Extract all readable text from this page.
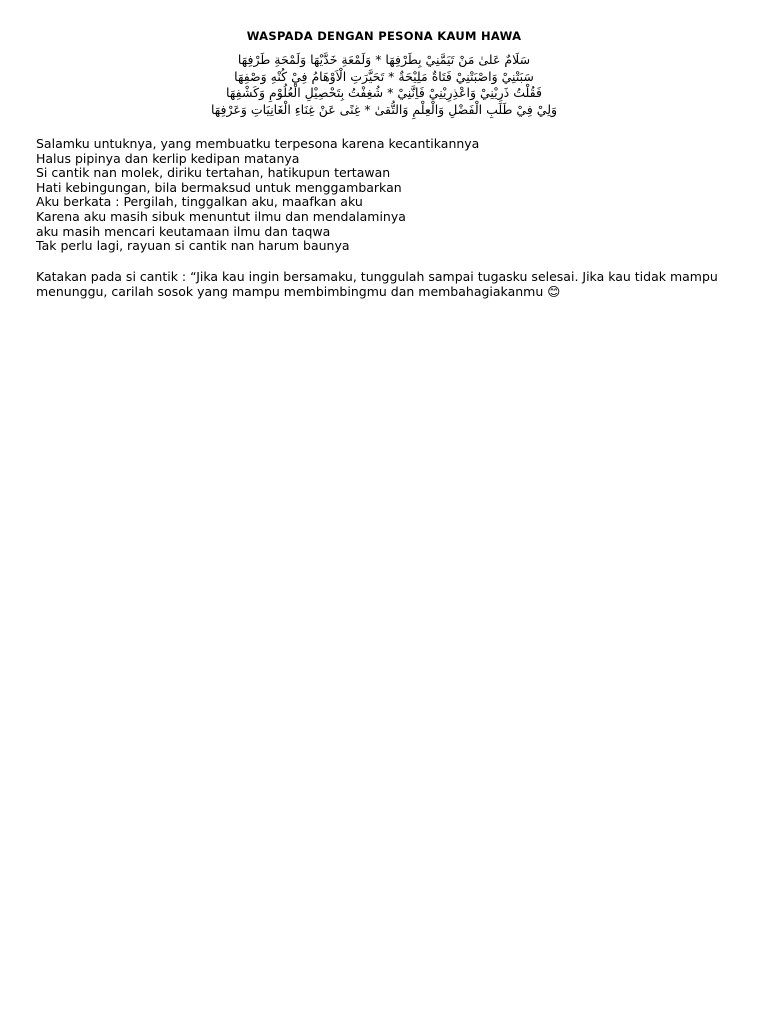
WASPADA DENGAN PESONA KAUM HAWA
سَلَامٌ عَلىٰ مَنْ تَيَمَّنِيْ بِطَرْفِهَا * وَلَمْعَةِ خَدَّيْهَا وَلَمْحَةِ طَرْفِهَا
سَبَتْنِيْ وَاصْبَتْنِيْ فَتَاةٌ مَلِيْحَةٌ * تَحَيَّرَتِ الْاَوْهَامُ فِيْ كُنْهِ وَصْفِهَا
فَقُلْتُ ذَرِيْنِيْ وَاعْذِرِيْنِيْ فَاِنَّنِيْ * شُغِفْتُ بِتَحْصِيْلِ الْعُلُوْمِ وَكَشْفِهَا
وَلِيْ فِيْ طَلَبِ الْفَضْلِ وَالْعِلْمِ وَالتُّقىٰ * غِنًى عَنْ غِنَاءِ الْغَانِيَاتِ وَعَرْفِهَا
Salamku untuknya, yang membuatku terpesona karena kecantikannya
Halus pipinya dan kerlip kedipan matanya
Si cantik nan molek, diriku tertahan, hatikupun tertawan
Hati kebingungan, bila bermaksud untuk menggambarkan
Aku berkata : Pergilah, tinggalkan aku, maafkan aku
Karena aku masih sibuk menuntut ilmu dan mendalaminya
aku masih mencari keutamaan ilmu dan taqwa
Tak perlu lagi, rayuan si cantik nan harum baunya
Katakan pada si cantik : “Jika kau ingin bersamaku, tunggulah sampai tugasku selesai. Jika kau tidak mampu menunggu, carilah sosok yang mampu membimbingmu dan membahagiakanmu 😊
